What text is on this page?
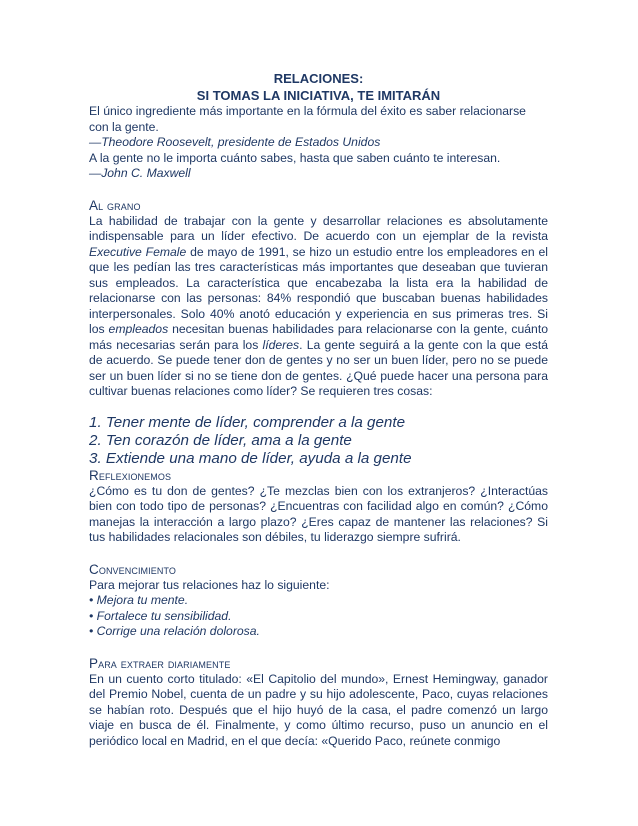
RELACIONES:
SI TOMAS LA INICIATIVA, TE IMITARÁN

El único ingrediente más importante en la fórmula del éxito es saber relacionarse con la gente.

—Theodore Roosevelt, presidente de Estados Unidos

A la gente no le importa cuánto sabes, hasta que saben cuánto te interesan.

—John C. Maxwell

Al grano

La habilidad de trabajar con la gente y desarrollar relaciones es absolutamente indispensable para un líder efectivo. De acuerdo con un ejemplar de la revista Executive Female de mayo de 1991, se hizo un estudio entre los empleadores en el que les pedían las tres características más importantes que deseaban que tuvieran sus empleados. La característica que encabezaba la lista era la habilidad de relacionarse con las personas: 84% respondió que buscaban buenas habilidades interpersonales. Solo 40% anotó educación y experiencia en sus primeras tres. Si los empleados necesitan buenas habilidades para relacionarse con la gente, cuánto más necesarias serán para los líderes. La gente seguirá a la gente con la que está de acuerdo. Se puede tener don de gentes y no ser un buen líder, pero no se puede ser un buen líder si no se tiene don de gentes. ¿Qué puede hacer una persona para cultivar buenas relaciones como líder? Se requieren tres cosas:

1. Tener mente de líder, comprender a la gente
2. Ten corazón de líder, ama a la gente
3. Extiende una mano de líder, ayuda a la gente
Reflexionemos

¿Cómo es tu don de gentes? ¿Te mezclas bien con los extranjeros? ¿Interactúas bien con todo tipo de personas? ¿Encuentras con facilidad algo en común? ¿Cómo manejas la interacción a largo plazo? ¿Eres capaz de mantener las relaciones? Si tus habilidades relacionales son débiles, tu liderazgo siempre sufrirá.

Convencimiento

Para mejorar tus relaciones haz lo siguiente:

• Mejora tu mente.
• Fortalece tu sensibilidad.
• Corrige una relación dolorosa.
Para extraer diariamente

En un cuento corto titulado: «El Capitolio del mundo», Ernest Hemingway, ganador del Premio Nobel, cuenta de un padre y su hijo adolescente, Paco, cuyas relaciones se habían roto. Después que el hijo huyó de la casa, el padre comenzó un largo viaje en busca de él. Finalmente, y como último recurso, puso un anuncio en el periódico local en Madrid, en el que decía: «Querido Paco, reúnete conmigo
